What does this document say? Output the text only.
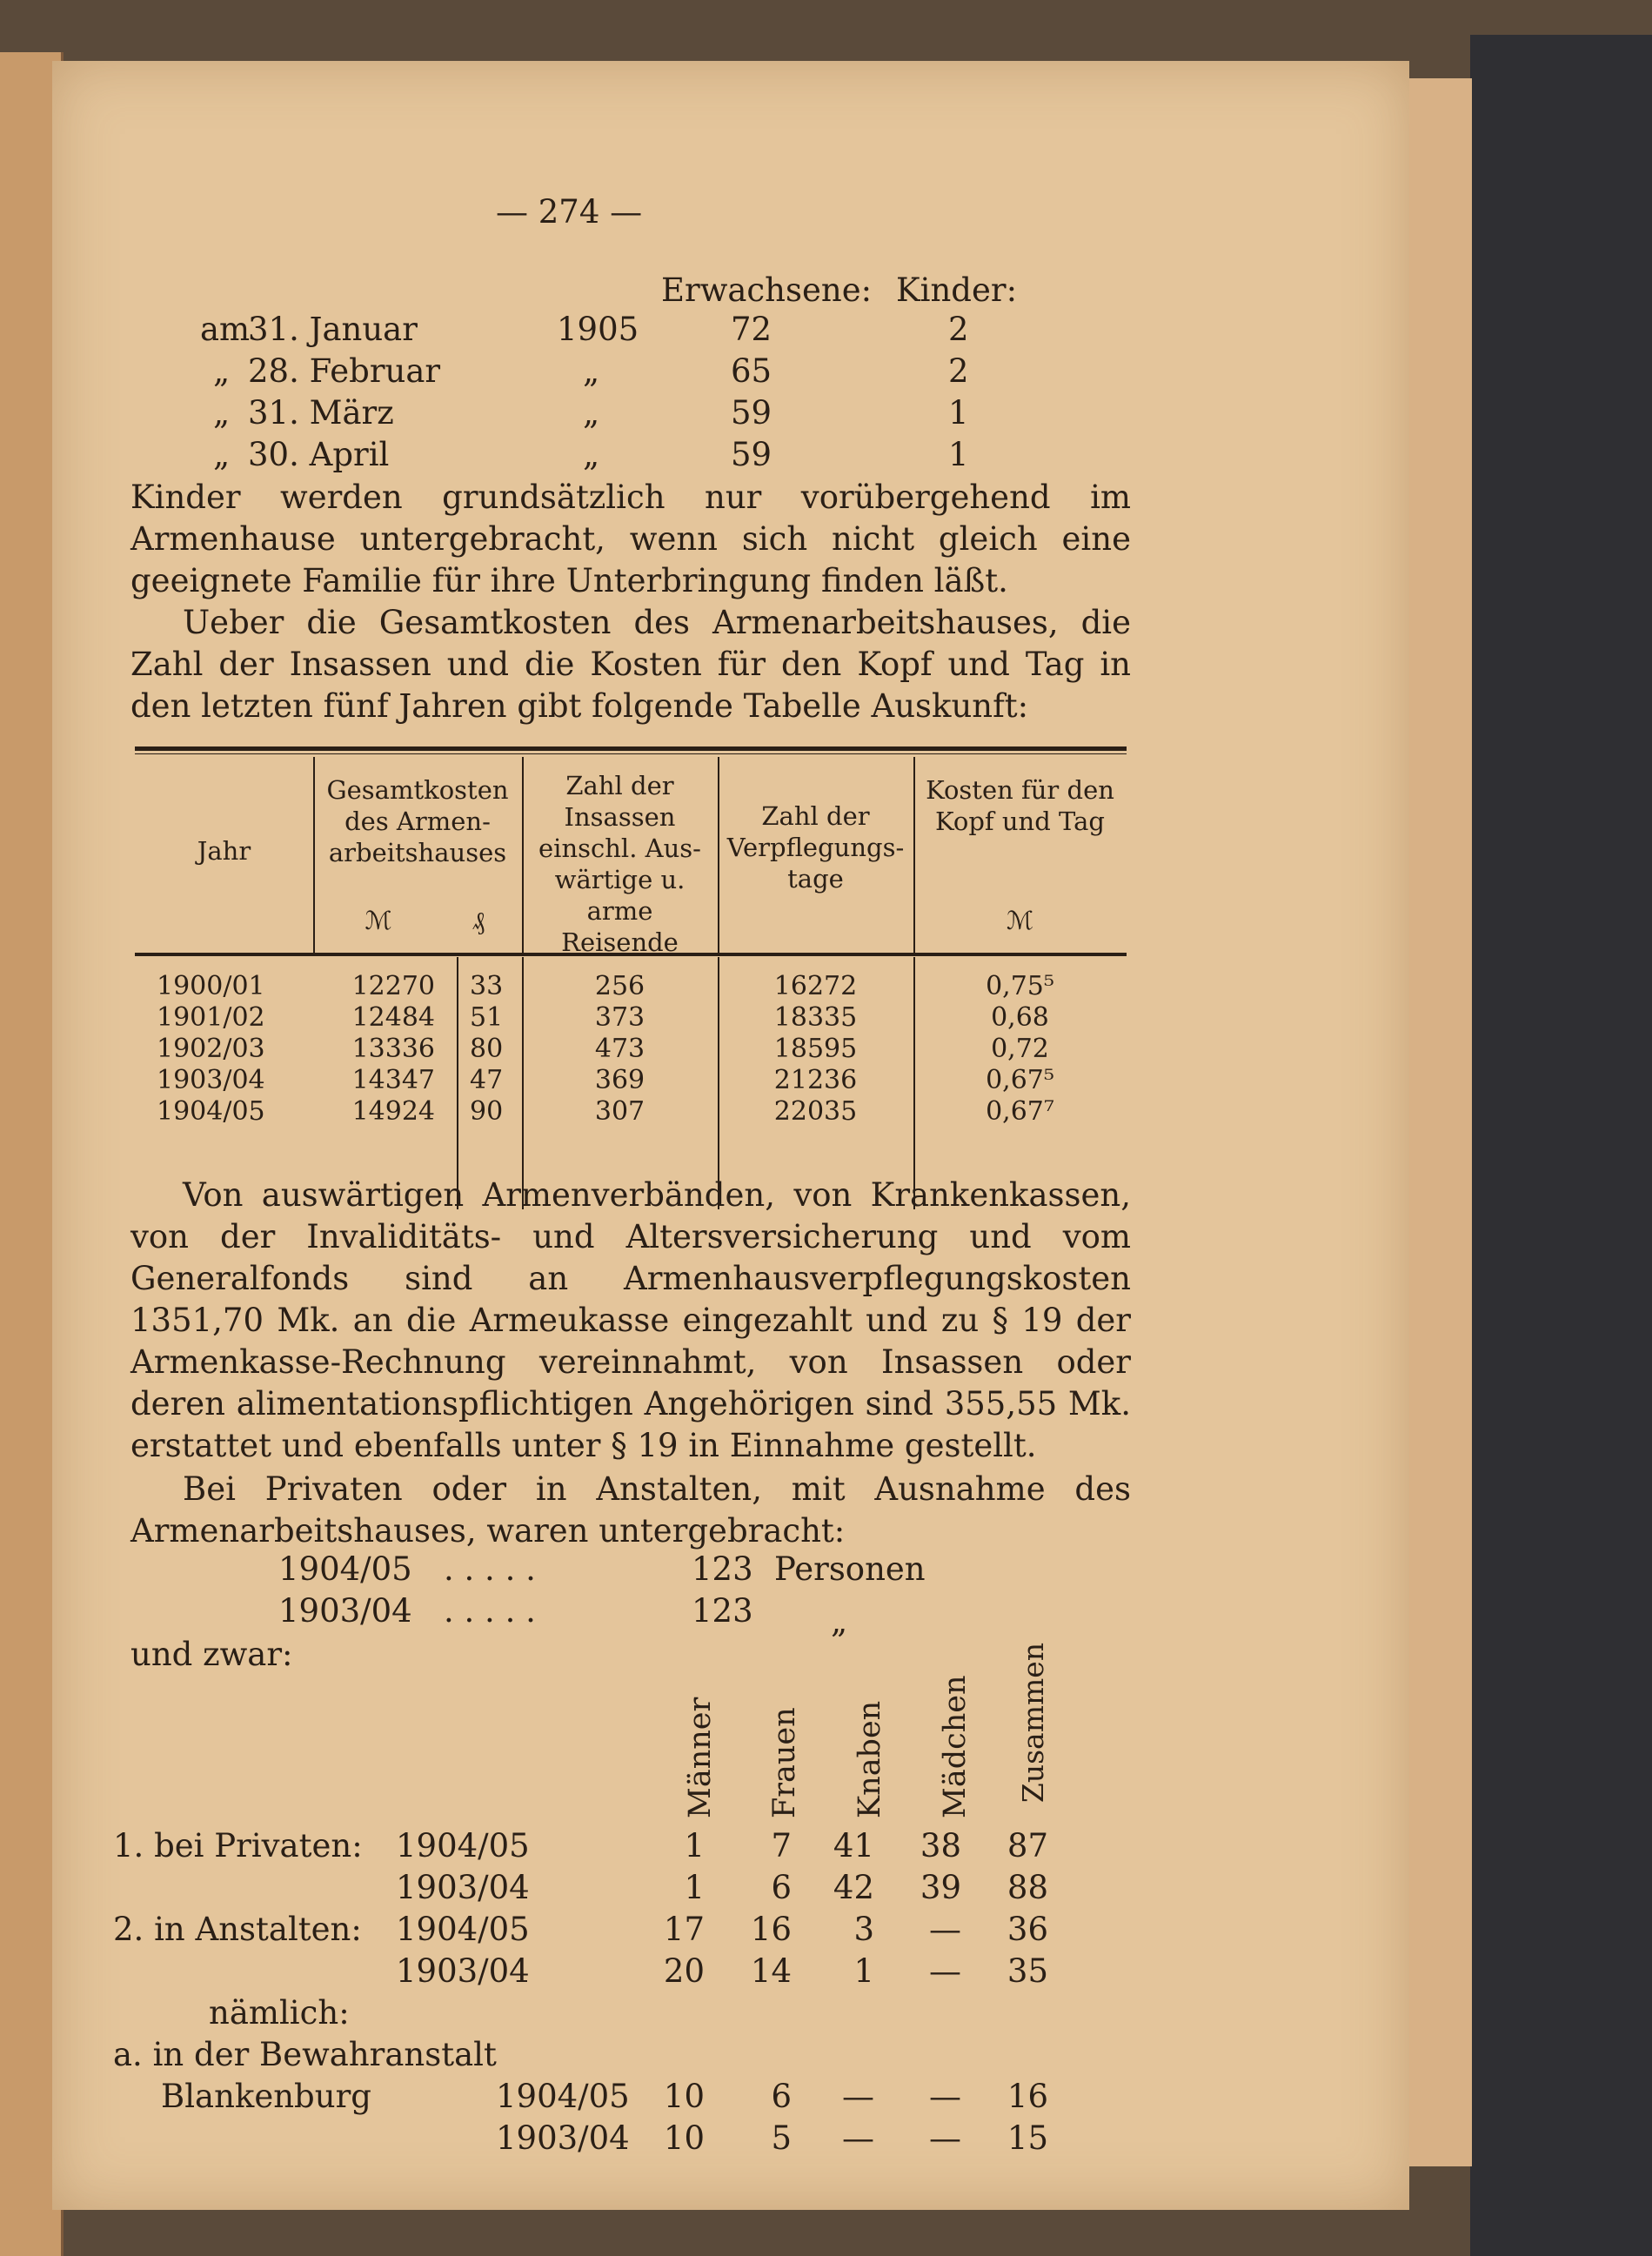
— 274 —
Erwachsene: Kinder:
am
31. Januar	1905	72	2
„ 28. Februar	„	65	2
„ 31. März	„	59	1
„ 30. April	„	59	1
Kinder werden grundsätzlich nur vorübergehend im Armenhause untergebracht, wenn sich nicht gleich eine geeignete Familie für ihre Unterbringung finden läßt.
Ueber die Gesamtkosten des Armenarbeitshauses, die Zahl der Insassen und die Kosten für den Kopf und Tag in den letzten fünf Jahren gibt folgende Tabelle Auskunft:
Jahr
Gesamtkosten des Armenarbeitshauses
ℳ	₰
Zahl der Insassen einschl. Auswärtige u. arme Reisende
Zahl der Verpflegungstage
Kosten für den Kopf und Tag
ℳ
1900/01	12270 33	256	16272	0,75⁵
1901/02	12484 51	373	18335	0,68
1902/03	13336 80	473	18595	0,72
1903/04	14347 47	369	21236	0,67⁵
1904/05	14924 90	307	22035	0,67⁷
Von auswärtigen Armenverbänden, von Krankenkassen, von der Invaliditäts- und Altersversicherung und vom Generalfonds sind an Armenhausverpflegungskosten 1351,70 Mk. an die Armeukasse eingezahlt und zu § 19 der Armenkasse-Rechnung vereinnahmt, von Insassen oder deren alimentationspflichtigen Angehörigen sind 355,55 Mk. erstattet und ebenfalls unter § 19 in Einnahme gestellt.
Bei Privaten oder in Anstalten, mit Ausnahme des Armenarbeitshauses, waren untergebracht:
1904/05 . . . . .	123 Personen
1903/04 . . . . .	123 „
und zwar:
Männer Frauen Knaben Mädchen Zusammen
1. bei Privaten: 1904/05	1	7	41	38	87
1903/04	1	6	42	39	88
2. in Anstalten: 1904/05	17	16	3	—	36
1903/04	20	14	1	—	35
nämlich:
a. in der Bewahranstalt
Blankenburg	1904/05	10	6	—	—	16
1903/04	10	5	—	—	15
